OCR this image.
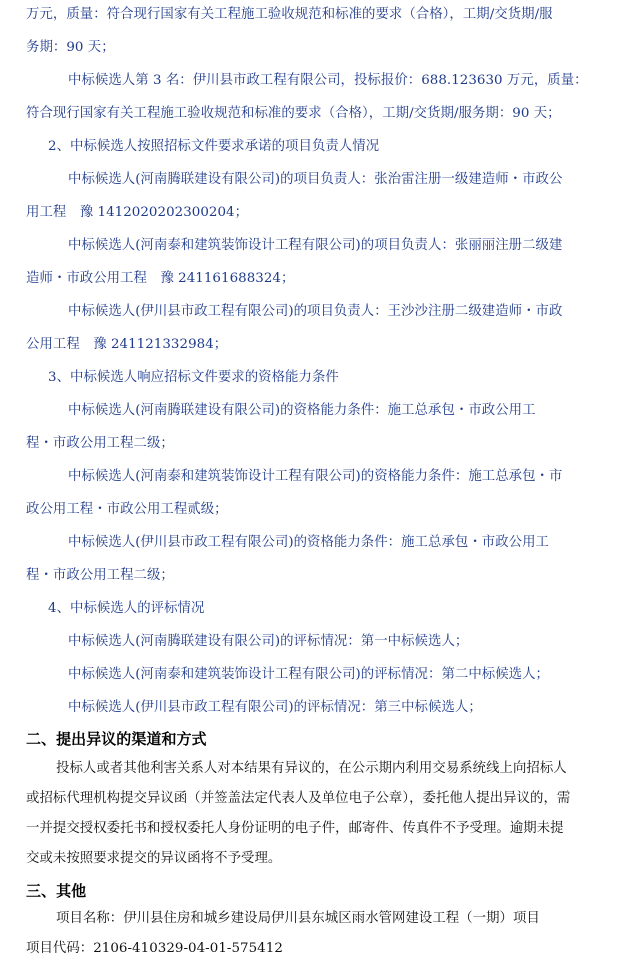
万元，质量：符合现行国家有关工程施工验收规范和标准的要求（合格），工期/交货期/服
务期：90 天；
中标候选人第 3 名：伊川县市政工程有限公司，投标报价：688.123630 万元，质量：
符合现行国家有关工程施工验收规范和标准的要求（合格），工期/交货期/服务期：90 天；
2、中标候选人按照招标文件要求承诺的项目负责人情况
中标候选人(河南腾联建设有限公司)的项目负责人：张治雷注册一级建造师・市政公
用工程　豫 1412020202300204；
中标候选人(河南泰和建筑装饰设计工程有限公司)的项目负责人：张丽丽注册二级建
造师・市政公用工程　豫 241161688324；
中标候选人(伊川县市政工程有限公司)的项目负责人：王沙沙注册二级建造师・市政
公用工程　豫 241121332984；
3、中标候选人响应招标文件要求的资格能力条件
中标候选人(河南腾联建设有限公司)的资格能力条件：施工总承包・市政公用工
程・市政公用工程二级；
中标候选人(河南泰和建筑装饰设计工程有限公司)的资格能力条件：施工总承包・市
政公用工程・市政公用工程贰级；
中标候选人(伊川县市政工程有限公司)的资格能力条件：施工总承包・市政公用工
程・市政公用工程二级；
4、中标候选人的评标情况
中标候选人(河南腾联建设有限公司)的评标情况：第一中标候选人；
中标候选人(河南泰和建筑装饰设计工程有限公司)的评标情况：第二中标候选人；
中标候选人(伊川县市政工程有限公司)的评标情况：第三中标候选人；
二、提出异议的渠道和方式
投标人或者其他利害关系人对本结果有异议的，在公示期内利用交易系统线上向招标人
或招标代理机构提交异议函（并签盖法定代表人及单位电子公章），委托他人提出异议的，需
一并提交授权委托书和授权委托人身份证明的电子件，邮寄件、传真件不予受理。逾期未提
交或未按照要求提交的异议函将不予受理。
三、其他
项目名称：伊川县住房和城乡建设局伊川县东城区雨水管网建设工程（一期）项目
项目代码：2106-410329-04-01-575412
